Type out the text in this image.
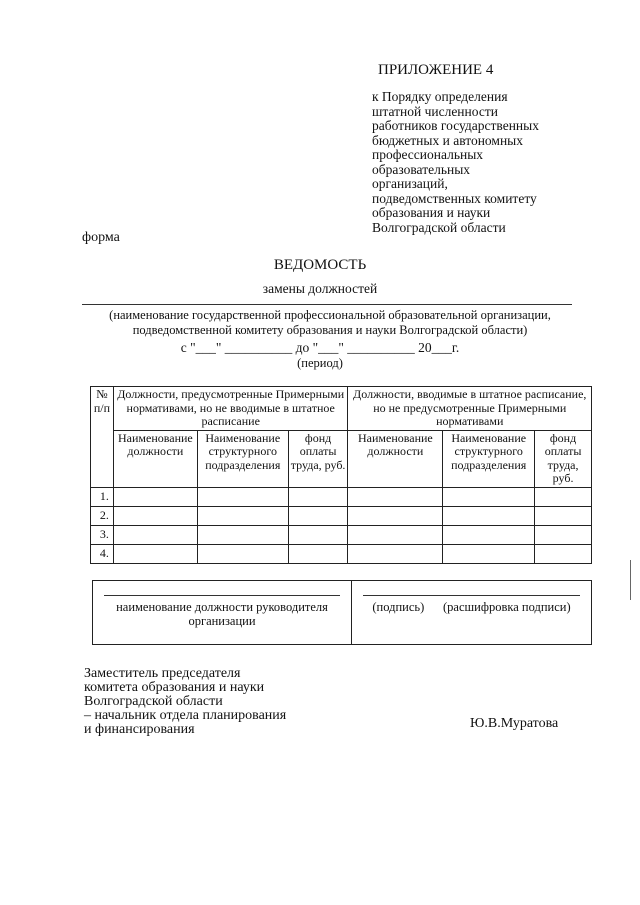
ПРИЛОЖЕНИЕ 4
к Порядку определения
штатной численности
работников государственных
бюджетных и автономных
профессиональных
образовательных
организаций,
подведомственных комитету
образования и науки
Волгоградской области
форма
ВЕДОМОСТЬ
замены должностей
(наименование государственной профессиональной образовательной организации,
подведомственной комитету образования и науки Волгоградской области)
с "___" __________ до "___" __________ 20___г.
(период)
№ п/п	Должности, предусмотренные Примерными нормативами, но не вводимые в штатное расписание			Должности, вводимые в штатное расписание, но не предусмотренные Примерными нормативами		
	Наименование должности	Наименование структурного подразделения	фонд оплаты труда, руб.	Наименование должности	Наименование структурного подразделения	фонд оплаты труда, руб.
1.						
2.						
3.						
4.						
наименование должности руководителя организации

(подпись) (расшифровка подписи)
Заместитель председателя
комитета образования и науки
Волгоградской области
– начальник отдела планирования
и финансирования	Ю.В.Муратова
